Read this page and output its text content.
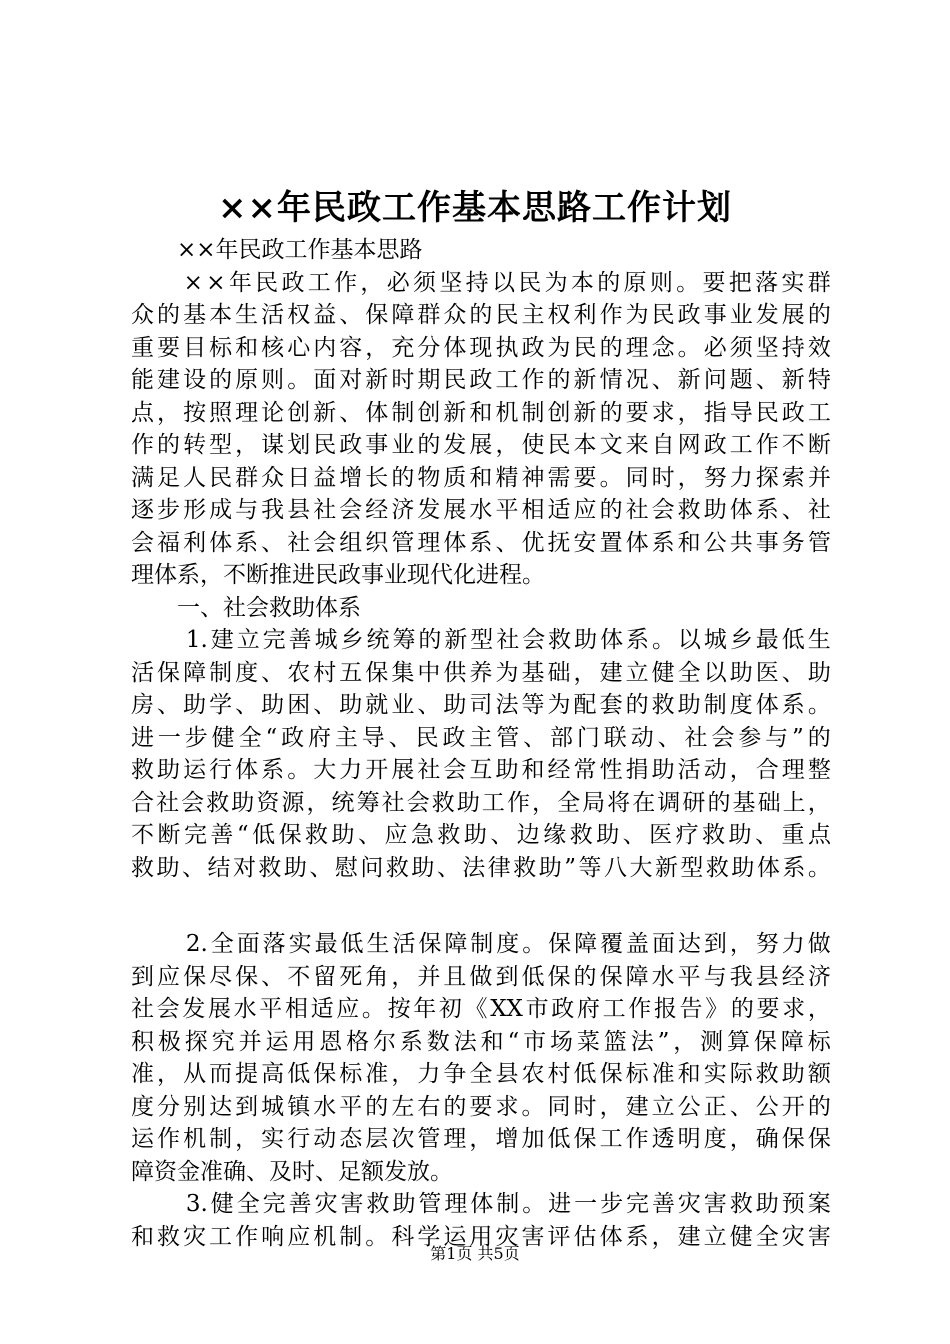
××年民政工作基本思路工作计划
　　××年民政工作基本思路

× × 年 民 政 工 作 ， 必 须 坚 持 以 民 为 本 的 原 则 。 要 把 落 实 群
众 的 基 本 生 活 权 益 、 保 障 群 众 的 民 主 权 利 作 为 民 政 事 业 发 展 的
重 要 目 标 和 核 心 内 容 ， 充 分 体 现 执 政 为 民 的 理 念 。 必 须 坚 持 效
能 建 设 的 原 则 。 面 对 新 时 期 民 政 工 作 的 新 情 况 、 新 问 题 、 新 特
点 ， 按 照 理 论 创 新 、 体 制 创 新 和 机 制 创 新 的 要 求 ， 指 导 民 政 工
作 的 转 型 ， 谋 划 民 政 事 业 的 发 展 ， 使 民 本 文 来 自 网 政 工 作 不 断
满 足 人 民 群 众 日 益 增 长 的 物 质 和 精 神 需 要 。 同 时 ， 努 力 探 索 并
逐 步 形 成 与 我 县 社 会 经 济 发 展 水 平 相 适 应 的 社 会 救 助 体 系 、 社
会 福 利 体 系 、 社 会 组 织 管 理 体 系 、 优 抚 安 置 体 系 和 公 共 事 务 管
理体系，不断推进民政事业现代化进程。
　　一、社会救助体系

1. 建 立 完 善 城 乡 统 筹 的 新 型 社 会 救 助 体 系 。 以 城 乡 最 低 生
活 保 障 制 度 、 农 村 五 保 集 中 供 养 为 基 础 ， 建 立 健 全 以 助 医 、 助
房 、 助 学 、 助 困 、 助 就 业 、 助 司 法 等 为 配 套 的 救 助 制 度 体 系 。
进 一 步 健 全 “ 政 府 主 导 、 民 政 主 管 、 部 门 联 动 、 社 会 参 与 ” 的
救 助 运 行 体 系 。 大 力 开 展 社 会 互 助 和 经 常 性 捐 助 活 动 ， 合 理 整
合 社 会 救 助 资 源 ， 统 筹 社 会 救 助 工 作 ， 全 局 将 在 调 研 的 基 础 上 ，
不 断 完 善 “ 低 保 救 助 、 应 急 救 助 、 边 缘 救 助 、 医 疗 救 助 、 重 点
救 助 、 结 对 救 助 、 慰 问 救 助 、 法 律 救 助 ” 等 八 大 新 型 救 助 体 系 。

2. 全 面 落 实 最 低 生 活 保 障 制 度 。 保 障 覆 盖 面 达 到 ， 努 力 做
到 应 保 尽 保 、 不 留 死 角 ， 并 且 做 到 低 保 的 保 障 水 平 与 我 县 经 济
社 会 发 展 水 平 相 适 应 。 按 年 初 《 XX 市 政 府 工 作 报 告 》 的 要 求 ，
积 极 探 究 并 运 用 恩 格 尔 系 数 法 和 “ 市 场 菜 篮 法 ” ， 测 算 保 障 标
准 ， 从 而 提 高 低 保 标 准 ， 力 争 全 县 农 村 低 保 标 准 和 实 际 救 助 额
度 分 别 达 到 城 镇 水 平 的 左 右 的 要 求 。 同 时 ， 建 立 公 正 、 公 开 的
运 作 机 制 ， 实 行 动 态 层 次 管 理 ， 增 加 低 保 工 作 透 明 度 ， 确 保 保
障资金准确、及时、足额发放。

3. 健 全 完 善 灾 害 救 助 管 理 体 制 。 进 一 步 完 善 灾 害 救 助 预 案
和 救 灾 工 作 响 应 机 制 。 科 学 运 用 灾 害 评 估 体 系 ， 建 立 健 全 灾 害
第1页 共5页
